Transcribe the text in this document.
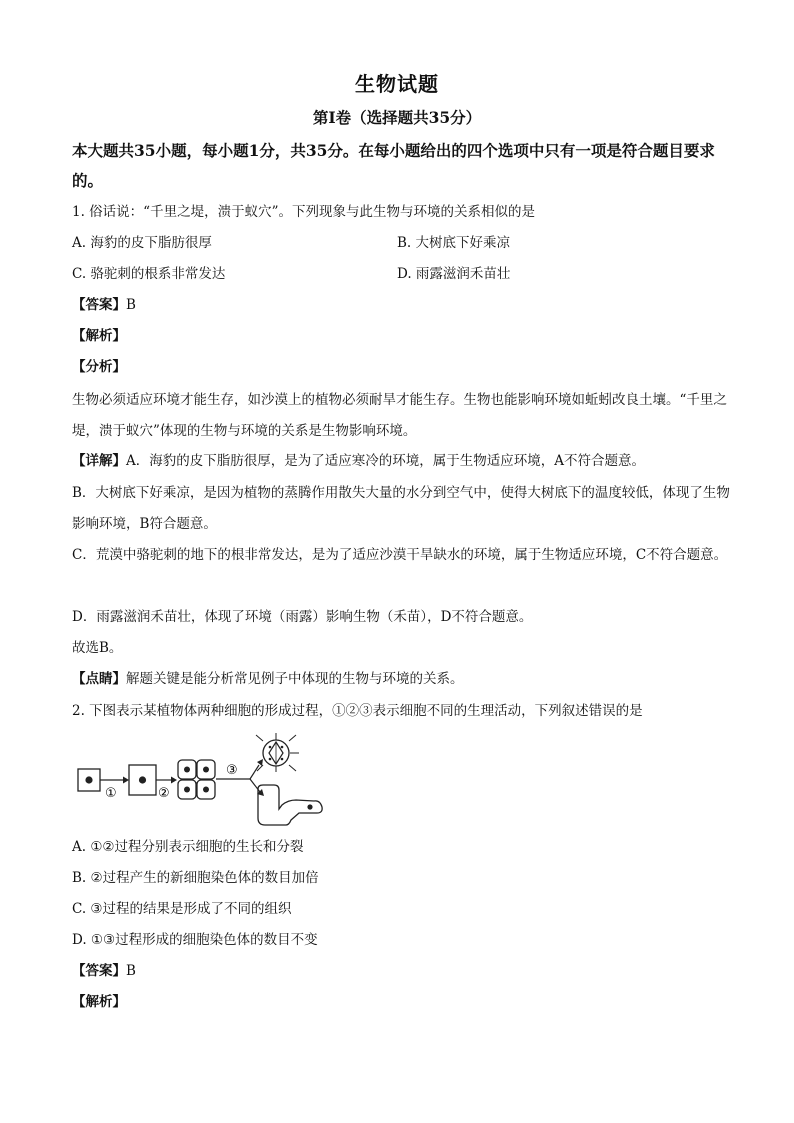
生物试题
第I卷（选择题共35分）
本大题共35小题，每小题1分，共35分。在每小题给出的四个选项中只有一项是符合题目要求的。
1. 俗话说：“千里之堤，溃于蚁穴”。下列现象与此生物与环境的关系相似的是
A. 海豹的皮下脂肪很厚	B. 大树底下好乘凉
C. 骆驼刺的根系非常发达	D. 雨露滋润禾苗壮
【答案】B
【解析】
【分析】
生物必须适应环境才能生存，如沙漠上的植物必须耐旱才能生存。生物也能影响环境如蚯蚓改良土壤。“千里之堤，溃于蚁穴”体现的生物与环境的关系是生物影响环境。
【详解】A．海豹的皮下脂肪很厚，是为了适应寒冷的环境，属于生物适应环境，A不符合题意。
B．大树底下好乘凉，是因为植物的蒸腾作用散失大量的水分到空气中，使得大树底下的温度较低，体现了生物影响环境，B符合题意。
C．荒漠中骆驼刺的地下的根非常发达，是为了适应沙漠干旱缺水的环境，属于生物适应环境，C不符合题意。
D．雨露滋润禾苗壮，体现了环境（雨露）影响生物（禾苗），D不符合题意。
故选B。
【点睛】解题关键是能分析常见例子中体现的生物与环境的关系。
2. 下图表示某植物体两种细胞的形成过程，①②③表示细胞不同的生理活动，下列叙述错误的是
①	②
③
A. ①②过程分别表示细胞的生长和分裂
B. ②过程产生的新细胞染色体的数目加倍
C. ③过程的结果是形成了不同的组织
D. ①③过程形成的细胞染色体的数目不变
【答案】B
【解析】
